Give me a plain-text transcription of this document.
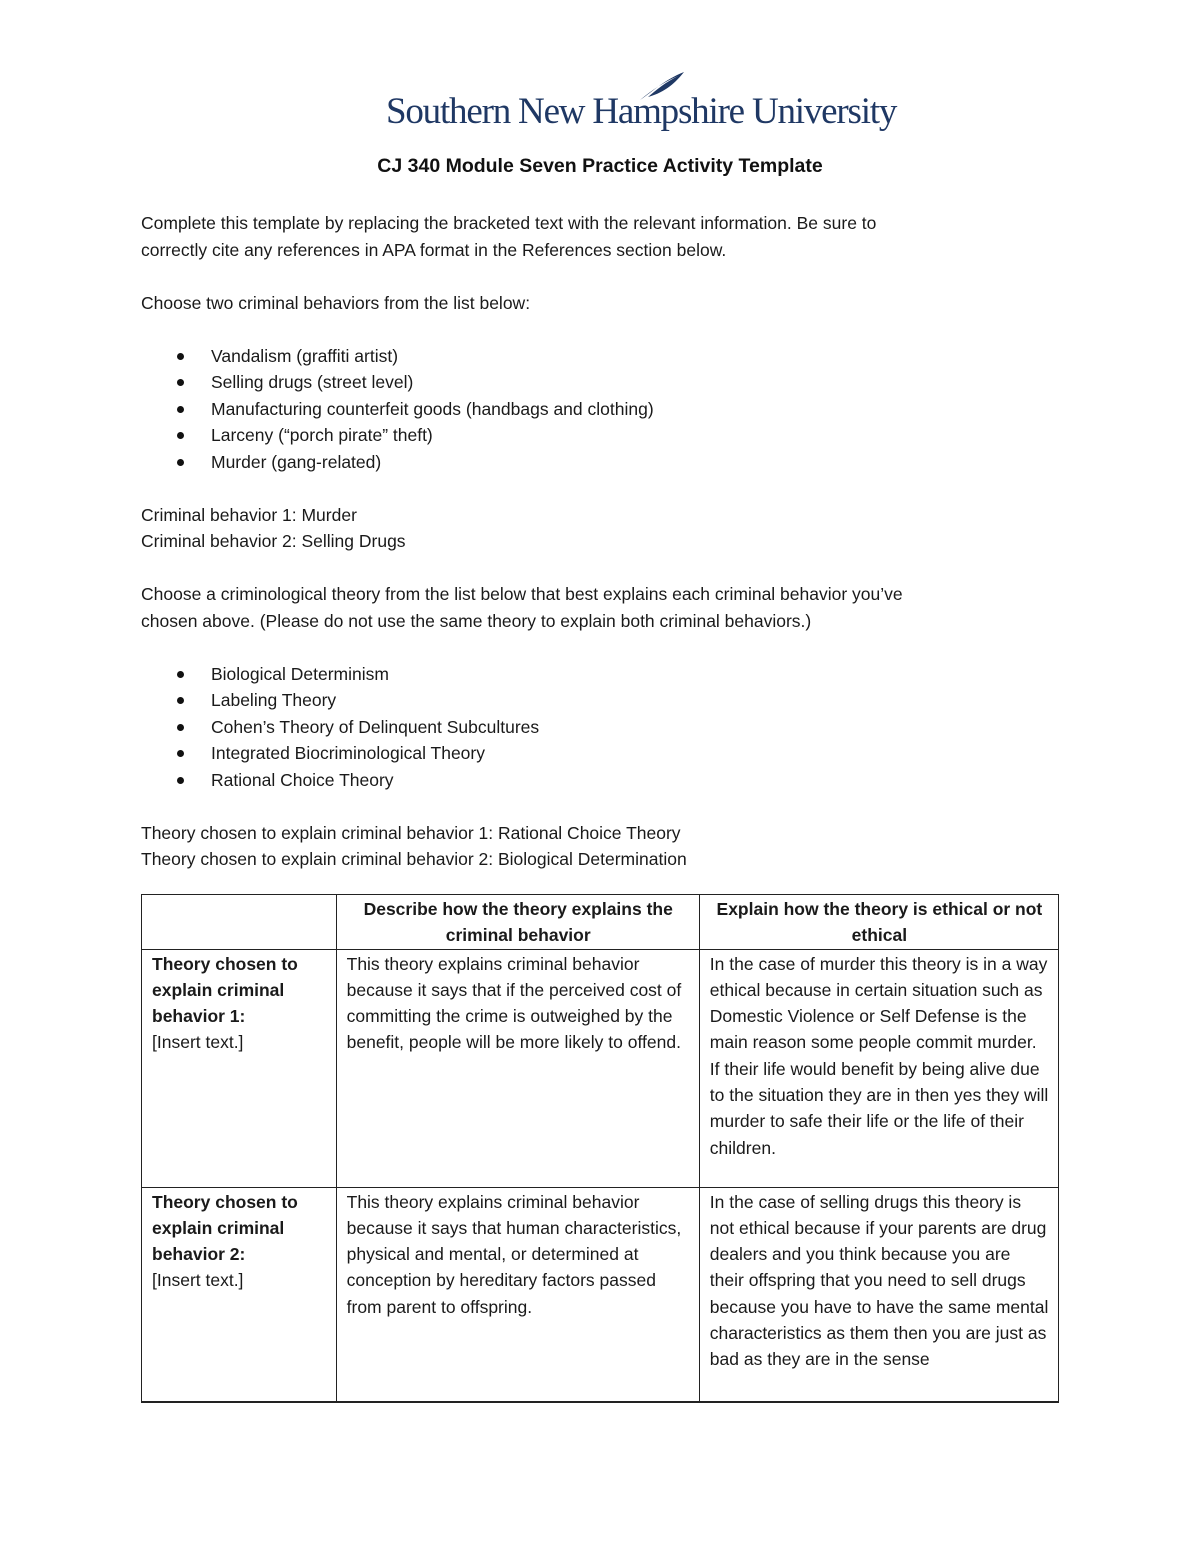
Southern New Hampshire University
CJ 340 Module Seven Practice Activity Template

Complete this template by replacing the bracketed text with the relevant information. Be sure to

correctly cite any references in APA format in the References section below.

Choose two criminal behaviors from the list below:

Vandalism (graffiti artist)
Selling drugs (street level)
Manufacturing counterfeit goods (handbags and clothing)
Larceny (“porch pirate” theft)
Murder (gang-related)

Criminal behavior 1: Murder

Criminal behavior 2: Selling Drugs

Choose a criminological theory from the list below that best explains each criminal behavior you’ve

chosen above. (Please do not use the same theory to explain both criminal behaviors.)

Biological Determinism
Labeling Theory
Cohen’s Theory of Delinquent Subcultures
Integrated Biocriminological Theory
Rational Choice Theory

Theory chosen to explain criminal behavior 1: Rational Choice Theory

Theory chosen to explain criminal behavior 2: Biological Determination

	Describe how the theory explains the criminal behavior	Explain how the theory is ethical or not ethical

Theory chosen to explain criminal behavior 1:
[Insert text.]	This theory explains criminal behavior because it says that if the perceived cost of committing the crime is outweighed by the benefit, people will be more likely to offend.	In the case of murder this theory is in a way ethical because in certain situation such as Domestic Violence or Self Defense is the main reason some people commit murder. If their life would benefit by being alive due to the situation they are in then yes they will murder to safe their life or the life of their children.

Theory chosen to explain criminal behavior 2:
[Insert text.]	This theory explains criminal behavior because it says that human characteristics, physical and mental, or determined at conception by hereditary factors passed from parent to offspring.	In the case of selling drugs this theory is not ethical because if your parents are drug dealers and you think because you are their offspring that you need to sell drugs because you have to have the same mental characteristics as them then you are just as bad as they are in the sense
